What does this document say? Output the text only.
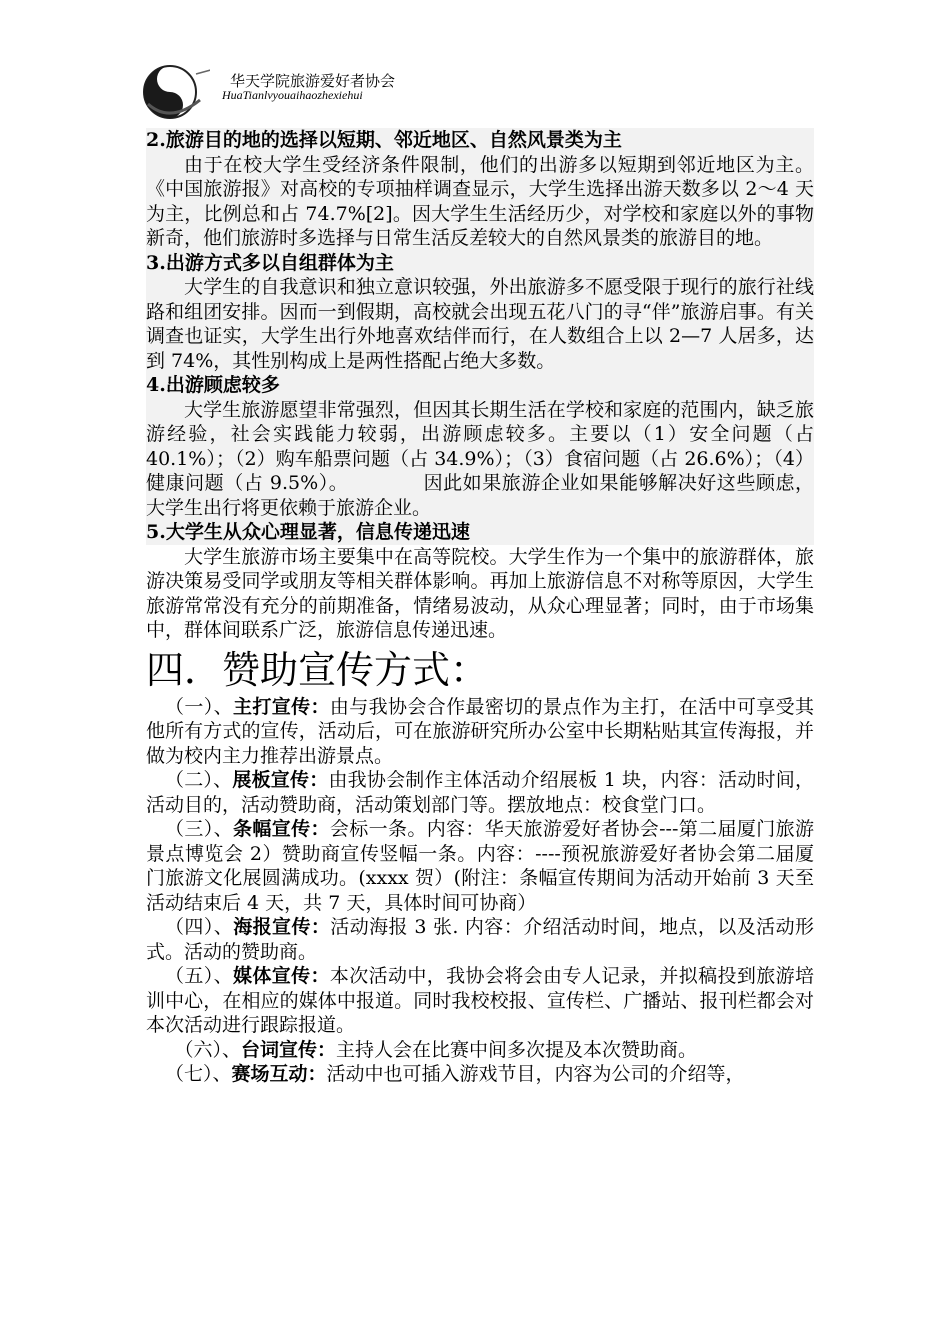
华天学院旅游爱好者协会
HuaTianlvyouaihaozhexiehui

2.旅游目的地的选择以短期、邻近地区、自然风景类为主

由于在校大学生受经济条件限制，他们的出游多以短期到邻近地区为主。《中国旅游报》对高校的专项抽样调查显示，大学生选择出游天数多以 2～4 天为主，比例总和占 74.7%[2]。因大学生生活经历少，对学校和家庭以外的事物新奇，他们旅游时多选择与日常生活反差较大的自然风景类的旅游目的地。

3.出游方式多以自组群体为主

大学生的自我意识和独立意识较强，外出旅游多不愿受限于现行的旅行社线路和组团安排。因而一到假期，高校就会出现五花八门的寻“伴”旅游启事。有关调查也证实，大学生出行外地喜欢结伴而行，在人数组合上以 2—7 人居多，达到 74%，其性别构成上是两性搭配占绝大多数。

4.出游顾虑较多

大学生旅游愿望非常强烈，但因其长期生活在学校和家庭的范围内，缺乏旅游经验，社会实践能力较弱，出游顾虑较多。主要以（1）安全问题（占 40.1%）；（2）购车船票问题（占 34.9%）；（3）食宿问题（占 26.6%）；（4）健康问题（占 9.5%）。　　　　 因此如果旅游企业如果能够解决好这些顾虑，大学生出行将更依赖于旅游企业。

5.大学生从众心理显著，信息传递迅速

大学生旅游市场主要集中在高等院校。大学生作为一个集中的旅游群体，旅游决策易受同学或朋友等相关群体影响。再加上旅游信息不对称等原因，大学生旅游常常没有充分的前期准备，情绪易波动，从众心理显著；同时，由于市场集中，群体间联系广泛，旅游信息传递迅速。

四．赞助宣传方式：

（一）、主打宣传：由与我协会合作最密切的景点作为主打，在活中可享受其他所有方式的宣传，活动后，可在旅游研究所办公室中长期粘贴其宣传海报，并做为校内主力推荐出游景点。

（二）、展板宣传：由我协会制作主体活动介绍展板 1 块，内容：活动时间，活动目的，活动赞助商，活动策划部门等。摆放地点：校食堂门口。

（三）、条幅宣传：会标一条。内容：华天旅游爱好者协会---第二届厦门旅游景点博览会 2）赞助商宣传竖幅一条。内容：----预祝旅游爱好者协会第二届厦门旅游文化展圆满成功。(xxxx 贺）(附注：条幅宣传期间为活动开始前 3 天至活动结束后 4 天，共 7 天，具体时间可协商）

（四）、海报宣传：活动海报 3 张. 内容：介绍活动时间，地点，以及活动形式。活动的赞助商。

（五）、媒体宣传：本次活动中，我协会将会由专人记录，并拟稿投到旅游培训中心，在相应的媒体中报道。同时我校校报、宣传栏、广播站、报刊栏都会对本次活动进行跟踪报道。

（六）、台词宣传：主持人会在比赛中间多次提及本次赞助商。

（七）、赛场互动：活动中也可插入游戏节目，内容为公司的介绍等，
